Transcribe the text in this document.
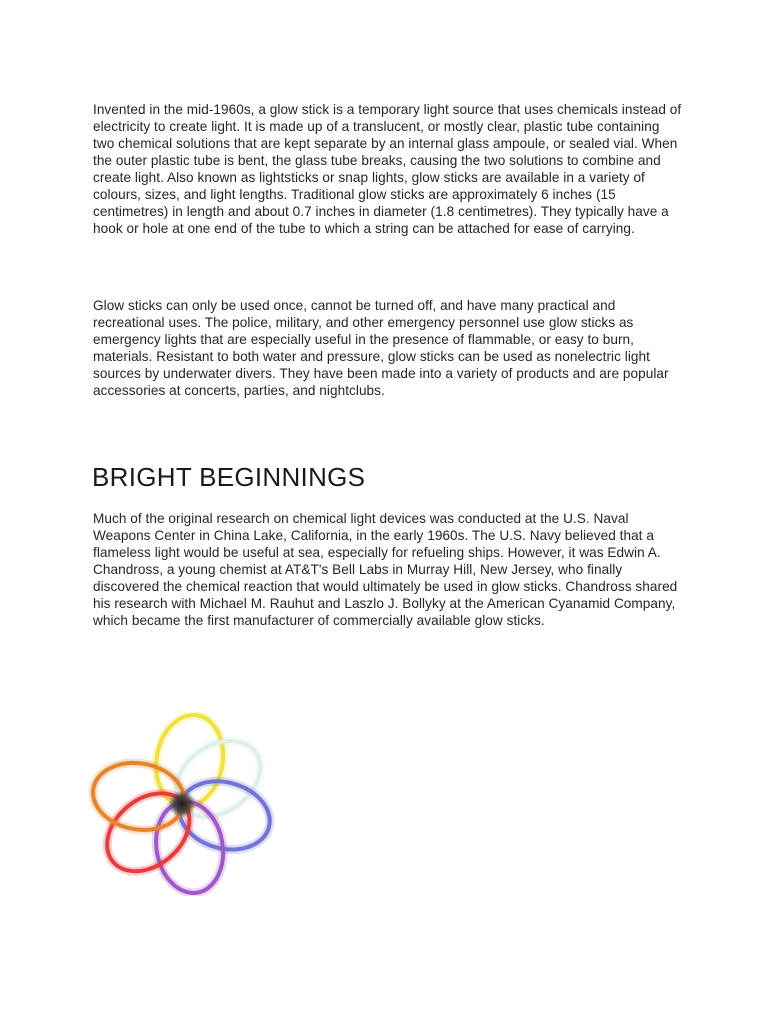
Invented in the mid-1960s, a glow stick is a temporary light source that uses chemicals instead of electricity to create light. It is made up of a translucent, or mostly clear, plastic tube containing two chemical solutions that are kept separate by an internal glass ampoule, or sealed vial. When the outer plastic tube is bent, the glass tube breaks, causing the two solutions to combine and create light. Also known as lightsticks or snap lights, glow sticks are available in a variety of colours, sizes, and light lengths. Traditional glow sticks are approximately 6 inches (15 centimetres) in length and about 0.7 inches in diameter (1.8 centimetres). They typically have a hook or hole at one end of the tube to which a string can be attached for ease of carrying.

Glow sticks can only be used once, cannot be turned off, and have many practical and recreational uses. The police, military, and other emergency personnel use glow sticks as emergency lights that are especially useful in the presence of flammable, or easy to burn, materials. Resistant to both water and pressure, glow sticks can be used as nonelectric light sources by underwater divers. They have been made into a variety of products and are popular accessories at concerts, parties, and nightclubs.

BRIGHT BEGINNINGS

Much of the original research on chemical light devices was conducted at the U.S. Naval Weapons Center in China Lake, California, in the early 1960s. The U.S. Navy believed that a flameless light would be useful at sea, especially for refueling ships. However, it was Edwin A. Chandross, a young chemist at AT&T's Bell Labs in Murray Hill, New Jersey, who finally discovered the chemical reaction that would ultimately be used in glow sticks. Chandross shared his research with Michael M. Rauhut and Laszlo J. Bollyky at the American Cyanamid Company, which became the first manufacturer of commercially available glow sticks.
